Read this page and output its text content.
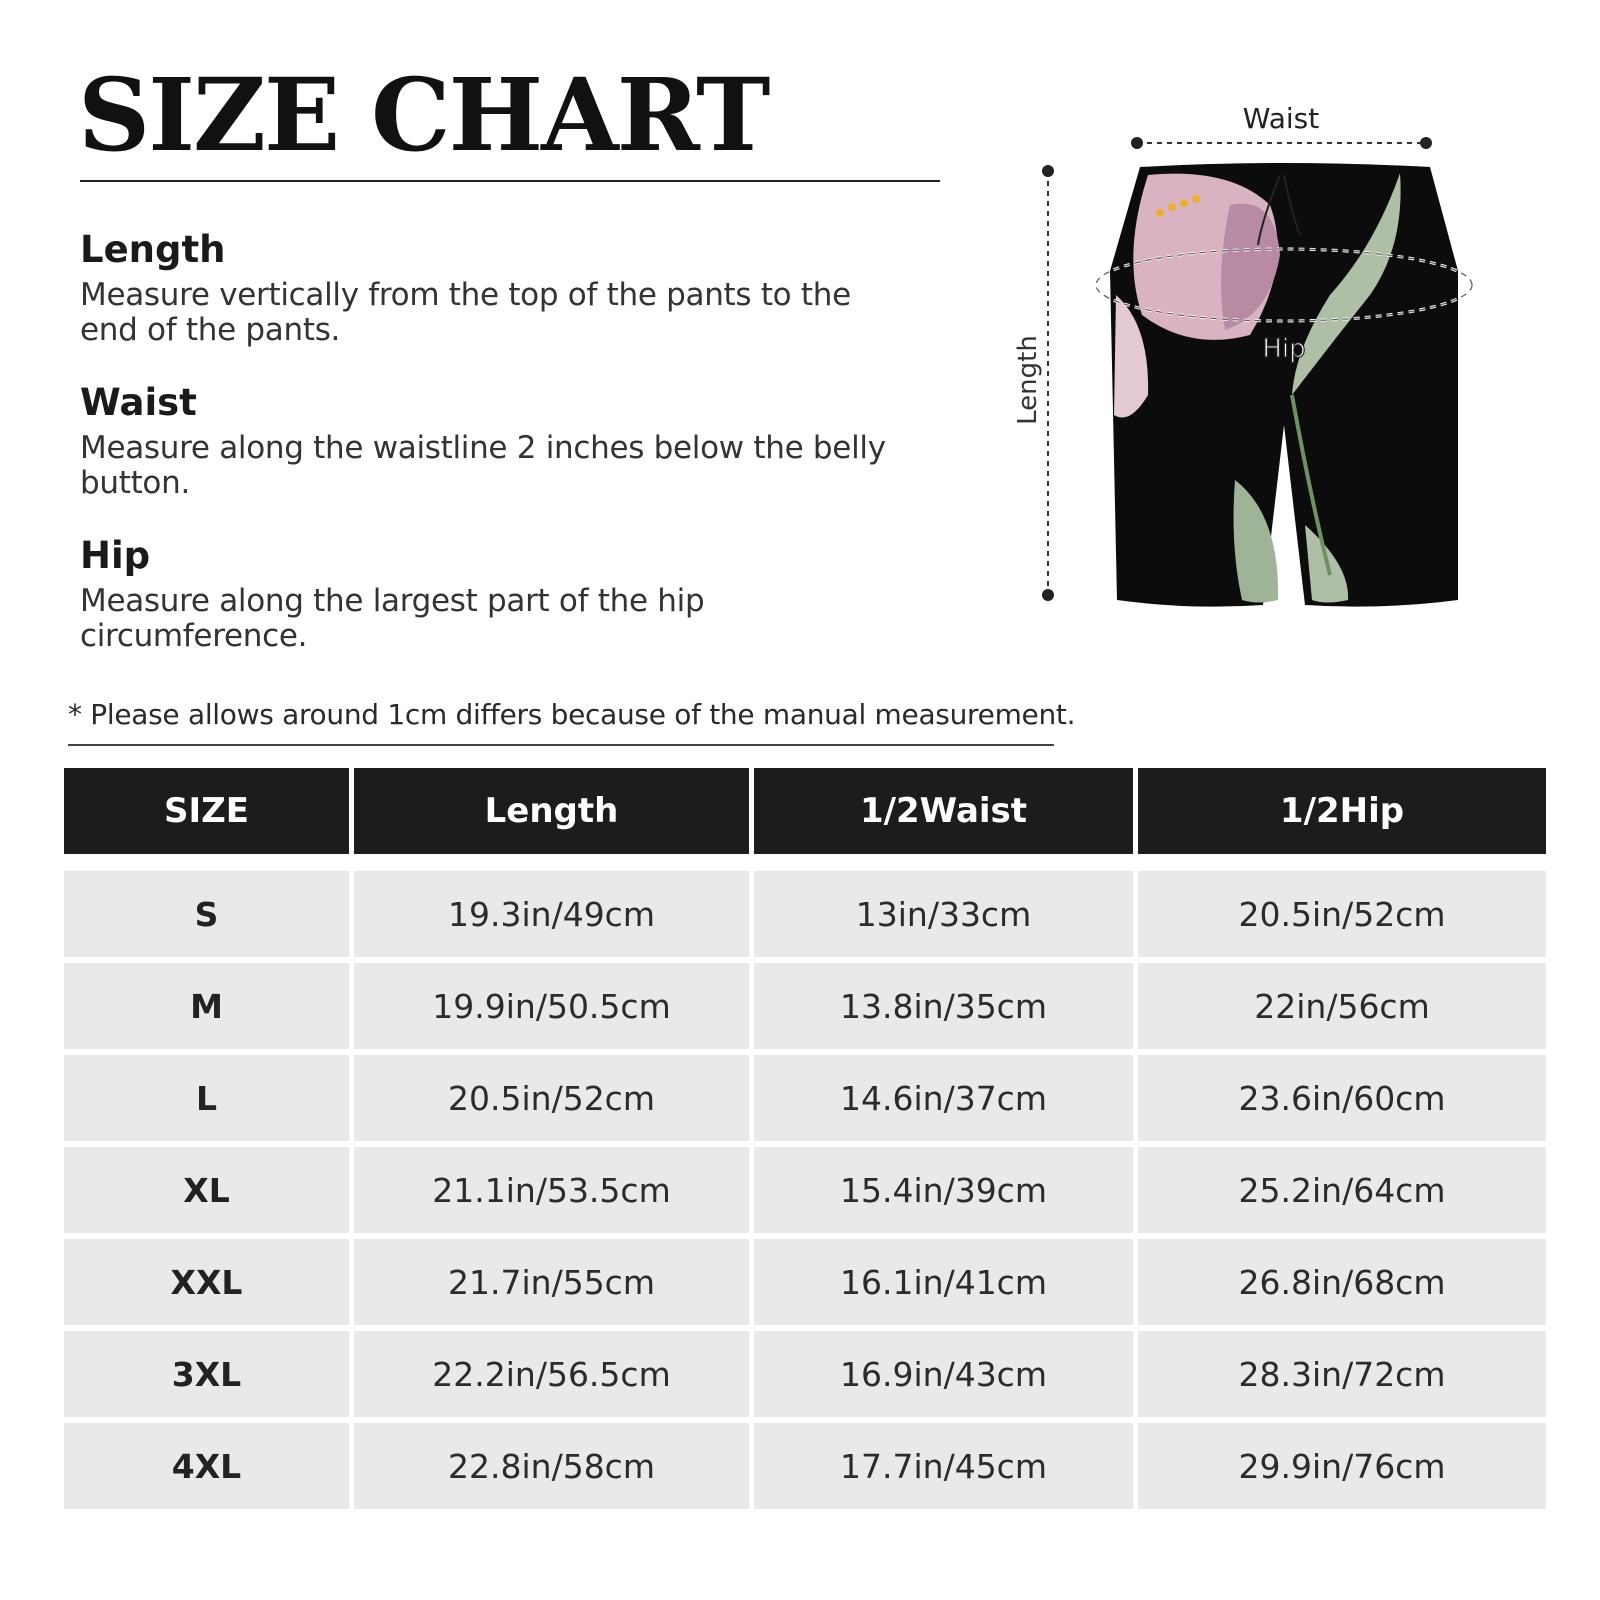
SIZE CHART
Length

Measure vertically from the top of the pants to the end of the pants.

Waist

Measure along the waistline 2 inches below the belly button.

Hip

Measure along the largest part of the hip circumference.

Waist
Length	Hip
* Please allows around 1cm differs because of the manual measurement.
SIZE	Length	1/2Waist	1/2Hip
S	19.3in/49cm	13in/33cm	20.5in/52cm
M	19.9in/50.5cm	13.8in/35cm	22in/56cm
L	20.5in/52cm	14.6in/37cm	23.6in/60cm
XL	21.1in/53.5cm	15.4in/39cm	25.2in/64cm
XXL	21.7in/55cm	16.1in/41cm	26.8in/68cm
3XL	22.2in/56.5cm	16.9in/43cm	28.3in/72cm
4XL	22.8in/58cm	17.7in/45cm	29.9in/76cm
